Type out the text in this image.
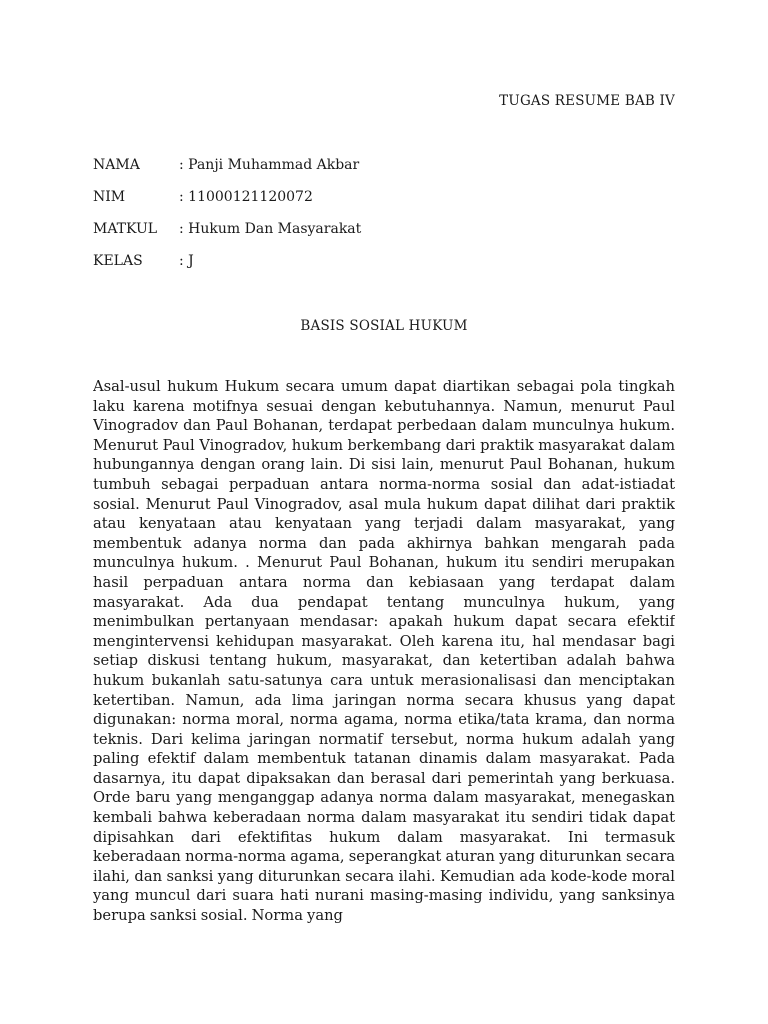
TUGAS RESUME BAB IV
NAMA	: Panji Muhammad Akbar
NIM	: 11000121120072
MATKUL : Hukum Dan Masyarakat
KELAS	: J
BASIS SOSIAL HUKUM

Asal-usul hukum Hukum secara umum dapat diartikan sebagai pola tingkah laku karena motifnya sesuai dengan kebutuhannya. Namun, menurut Paul Vinogradov dan Paul Bohanan, terdapat perbedaan dalam munculnya hukum. Menurut Paul Vinogradov, hukum berkembang dari praktik masyarakat dalam hubungannya dengan orang lain. Di sisi lain, menurut Paul Bohanan, hukum tumbuh sebagai perpaduan antara norma-norma sosial dan adat-istiadat sosial. Menurut Paul Vinogradov, asal mula hukum dapat dilihat dari praktik atau kenyataan atau kenyataan yang terjadi dalam masyarakat, yang membentuk adanya norma dan pada akhirnya bahkan mengarah pada munculnya hukum. . Menurut Paul Bohanan, hukum itu sendiri merupakan hasil perpaduan antara norma dan kebiasaan yang terdapat dalam masyarakat. Ada dua pendapat tentang munculnya hukum, yang menimbulkan pertanyaan mendasar: apakah hukum dapat secara efektif mengintervensi kehidupan masyarakat. Oleh karena itu, hal mendasar bagi setiap diskusi tentang hukum, masyarakat, dan ketertiban adalah bahwa hukum bukanlah satu-satunya cara untuk merasionalisasi dan menciptakan ketertiban. Namun, ada lima jaringan norma secara khusus yang dapat digunakan: norma moral, norma agama, norma etika/tata krama, dan norma teknis. Dari kelima jaringan normatif tersebut, norma hukum adalah yang paling efektif dalam membentuk tatanan dinamis dalam masyarakat. Pada dasarnya, itu dapat dipaksakan dan berasal dari pemerintah yang berkuasa. Orde baru yang menganggap adanya norma dalam masyarakat, menegaskan kembali bahwa keberadaan norma dalam masyarakat itu sendiri tidak dapat dipisahkan dari efektifitas hukum dalam masyarakat. Ini termasuk keberadaan norma-norma agama, seperangkat aturan yang diturunkan secara ilahi, dan sanksi yang diturunkan secara ilahi. Kemudian ada kode-kode moral yang muncul dari suara hati nurani masing-masing individu, yang sanksinya berupa sanksi sosial. Norma yang
